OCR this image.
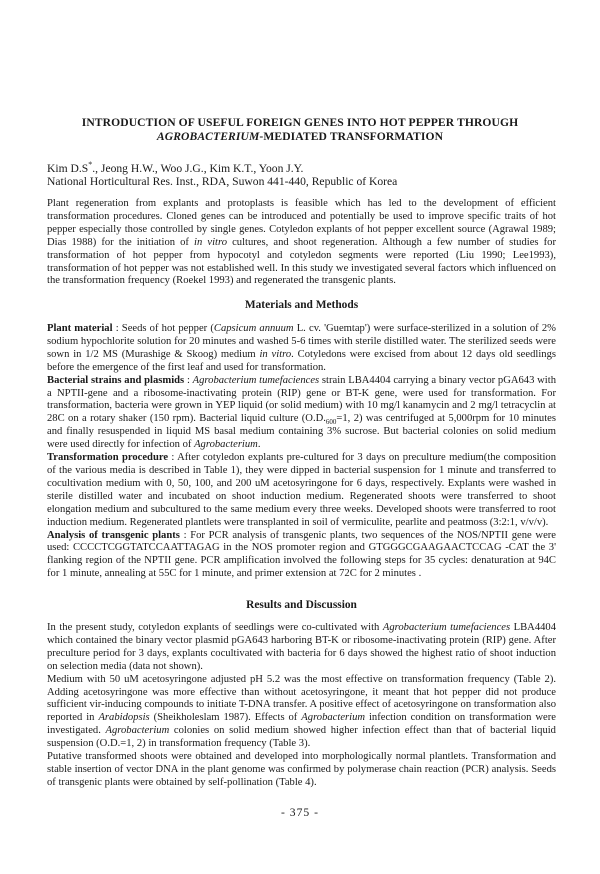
INTRODUCTION OF USEFUL FOREIGN GENES INTO HOT PEPPER THROUGH
AGROBACTERIUM-MEDIATED TRANSFORMATION
Kim D.S*., Jeong H.W., Woo J.G., Kim K.T., Yoon J.Y.
National Horticultural Res. Inst., RDA, Suwon 441-440, Republic of Korea
Plant regeneration from explants and protoplasts is feasible which has led to the development of efficient transformation procedures. Cloned genes can be introduced and potentially be used to improve specific traits of hot pepper especially those controlled by single genes. Cotyledon explants of hot pepper excellent source (Agrawal 1989; Dias 1988) for the initiation of in vitro cultures, and shoot regeneration. Although a few number of studies for transformation of hot pepper from hypocotyl and cotyledon segments were reported (Liu 1990; Lee1993), transformation of hot pepper was not established well. In this study we investigated several factors which influenced on the transformation frequency (Roekel 1993) and regenerated the transgenic plants.
Materials and Methods
Plant material : Seeds of hot pepper (Capsicum annuum L. cv. 'Guemtap') were surface-sterilized in a solution of 2% sodium hypochlorite solution for 20 minutes and washed 5-6 times with sterile distilled water. The sterilized seeds were sown in 1/2 MS (Murashige & Skoog) medium in vitro. Cotyledons were excised from about 12 days old seedlings before the emergence of the first leaf and used for transformation.
Bacterial strains and plasmids : Agrobacterium tumefaciences strain LBA4404 carrying a binary vector pGA643 with a NPTII-gene and a ribosome-inactivating protein (RIP) gene or BT-K gene, were used for transformation. For transformation, bacteria were grown in YEP liquid (or solid medium) with 10 mg/l kanamycin and 2 mg/l tetracyclin at 28C on a rotary shaker (150 rpm). Bacterial liquid culture ($O.D._{600}=1$, 2) was centrifuged at 5,000rpm for 10 minutes and finally resuspended in liquid MS basal medium containing 3% sucrose. But bacterial colonies on solid medium were used directly for infection of Agrobacterium.
Transformation procedure : After cotyledon explants pre-cultured for 3 days on preculture medium(the composition of the various media is described in Table 1), they were dipped in bacterial suspension for 1 minute and transferred to cocultivation medium with 0, 50, 100, and 200 uM acetosyringone for 6 days, respectively. Explants were washed in sterile distilled water and incubated on shoot induction medium. Regenerated shoots were transferred to shoot elongation medium and subcultured to the same medium every three weeks. Developed shoots were transferred to root induction medium. Regenerated plantlets were transplanted in soil of vermiculite, pearlite and peatmoss (3:2:1, v/v/v).
Analysis of transgenic plants : For PCR analysis of transgenic plants, two sequences of the NOS/NPTII gene were used: CCCCTCGGTATCCAATTAGAG in the NOS promoter region and GTGGGCGAAGAACTCCAG -CAT the 3' flanking region of the NPTII gene. PCR amplification involved the following steps for 35 cycles: denaturation at 94C for 1 minute, annealing at 55C for 1 minute, and primer extension at 72C for 2 minutes .
Results and Discussion
In the present study, cotyledon explants of seedlings were co-cultivated with Agrobacterium tumefaciences LBA4404 which contained the binary vector plasmid pGA643 harboring BT-K or ribosome-inactivating protein (RIP) gene. After preculture period for 3 days, explants cocultivated with bacteria for 6 days showed the highest ratio of shoot induction on selection media (data not shown).
Medium with 50 uM acetosyringone adjusted pH 5.2 was the most effective on transformation frequency (Table 2). Adding acetosyringone was more effective than without acetosyringone, it meant that hot pepper did not produce sufficient vir-inducing compounds to initiate T-DNA transfer. A positive effect of acetosyringone on transformation also reported in Arabidopsis (Sheikholeslam 1987). Effects of Agrobacterium infection condition on transformation were investigated. Agrobacterium colonies on solid medium showed higher infection effect than that of bacterial liquid suspension (O.D.=1, 2) in transformation frequency (Table 3).
Putative transformed shoots were obtained and developed into morphologically normal plantlets. Transformation and stable insertion of vector DNA in the plant genome was confirmed by polymerase chain reaction (PCR) analysis. Seeds of transgenic plants were obtained by self-pollination (Table 4).
- 375 -
